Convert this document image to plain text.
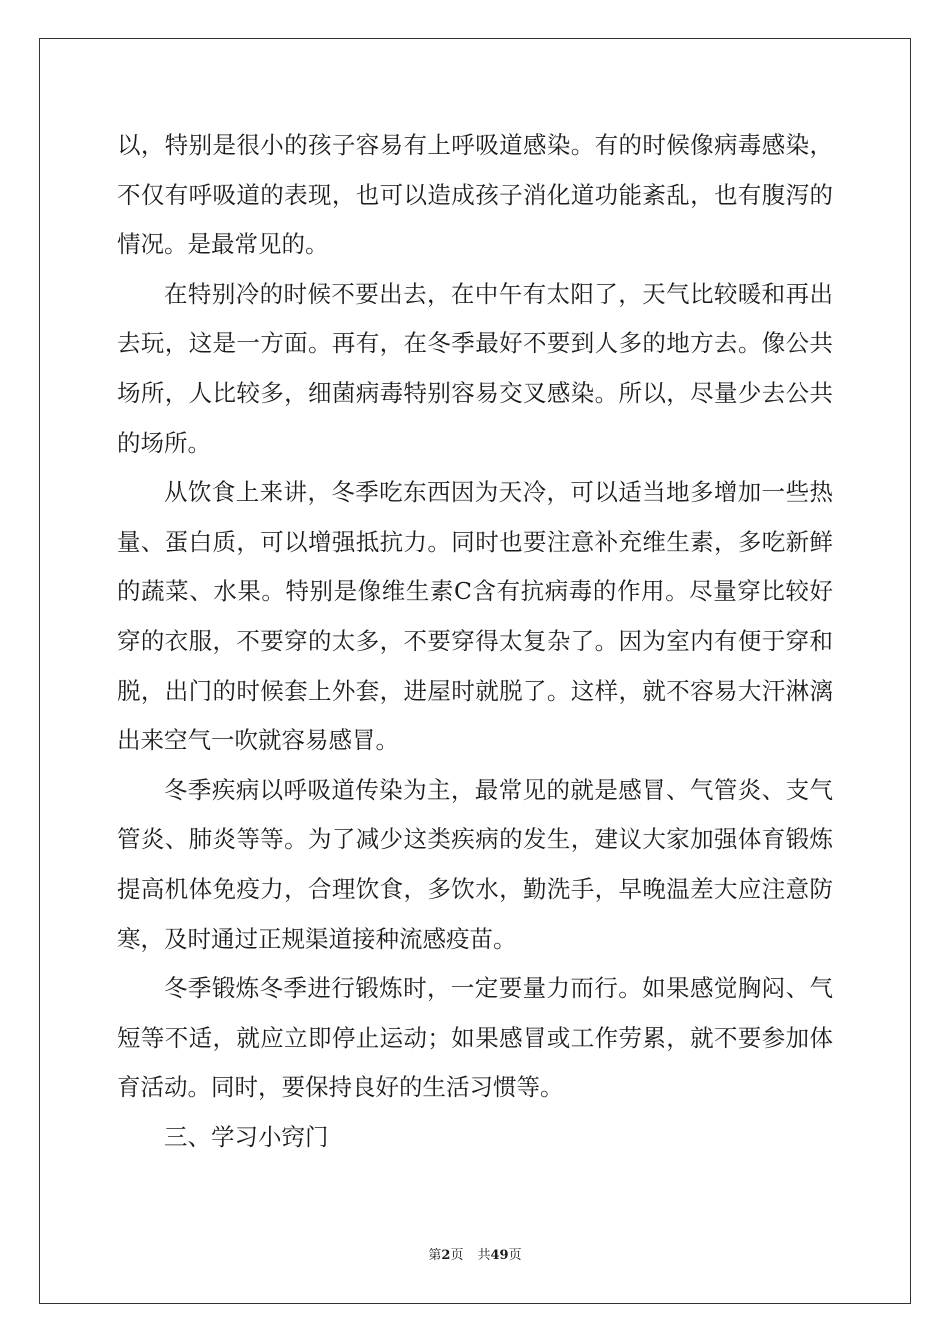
以，特别是很小的孩子容易有上呼吸道感染。有的时候像病毒感染，不仅有呼吸道的表现，也可以造成孩子消化道功能紊乱，也有腹泻的情况。是最常见的。

在特别冷的时候不要出去，在中午有太阳了，天气比较暖和再出去玩，这是一方面。再有，在冬季最好不要到人多的地方去。像公共场所，人比较多，细菌病毒特别容易交叉感染。所以，尽量少去公共的场所。

从饮食上来讲，冬季吃东西因为天冷，可以适当地多增加一些热量、蛋白质，可以增强抵抗力。同时也要注意补充维生素，多吃新鲜的蔬菜、水果。特别是像维生素C含有抗病毒的作用。尽量穿比较好穿的衣服，不要穿的太多，不要穿得太复杂了。因为室内有便于穿和脱，出门的时候套上外套，进屋时就脱了。这样，就不容易大汗淋漓出来空气一吹就容易感冒。

冬季疾病以呼吸道传染为主，最常见的就是感冒、气管炎、支气管炎、肺炎等等。为了减少这类疾病的发生，建议大家加强体育锻炼提高机体免疫力，合理饮食，多饮水，勤洗手，早晚温差大应注意防寒，及时通过正规渠道接种流感疫苗。

冬季锻炼冬季进行锻炼时，一定要量力而行。如果感觉胸闷、气短等不适，就应立即停止运动；如果感冒或工作劳累，就不要参加体育活动。同时，要保持良好的生活习惯等。

三、学习小窍门

第2页 共49页
